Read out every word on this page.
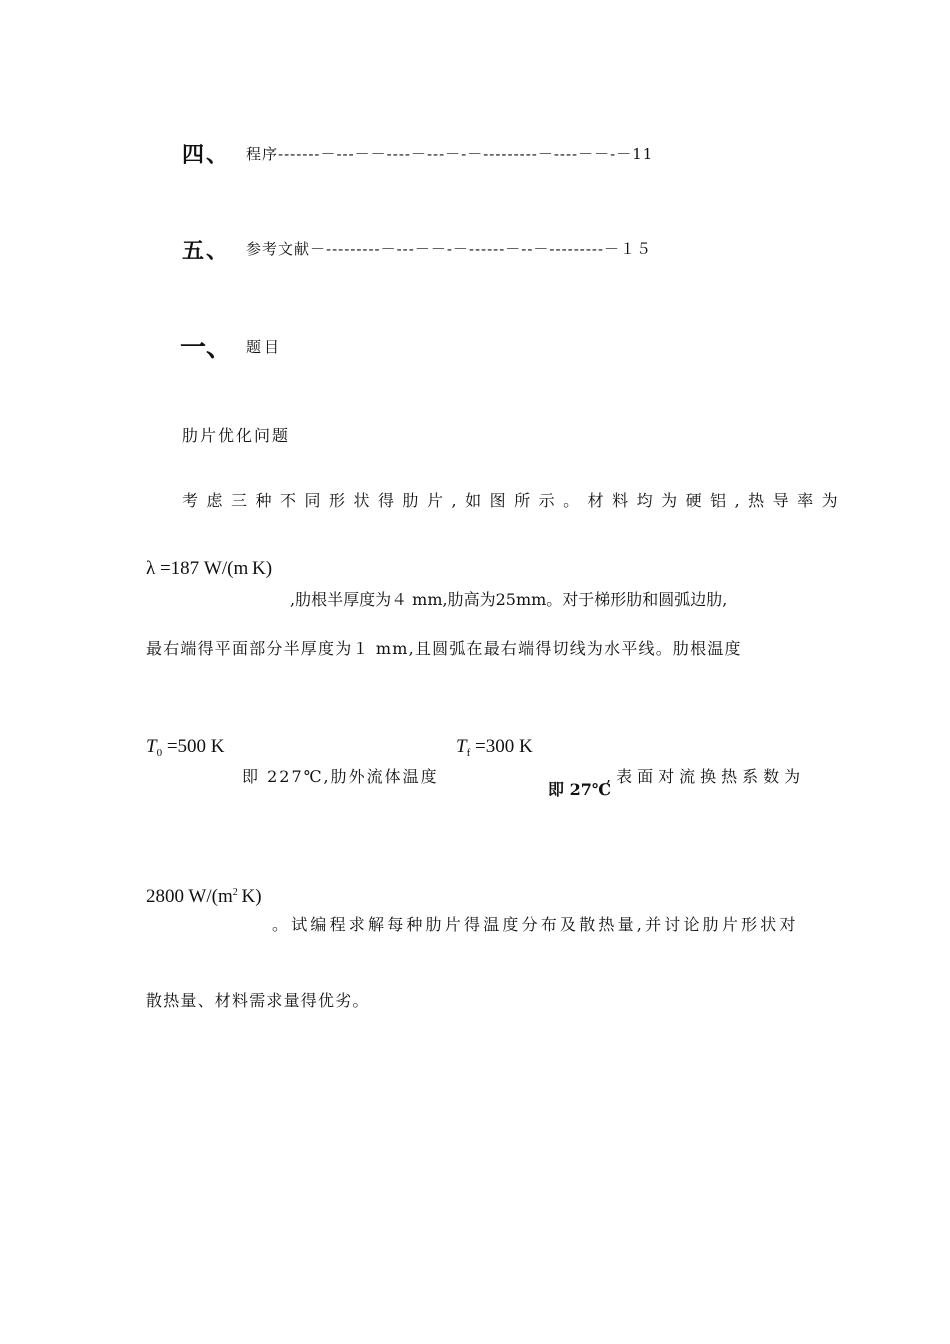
四、 程序-------－---－－----－---－-－---------－----－－-－11
五、 参考文献－---------－---－－-－------－--－---------－１５
一、 题目
肋片优化问题
考虑三种不同形状得肋片,如图所示。材料均为硬铝,热导率为
λ =187 W/(m K)
,肋根半厚度为４ mm,肋高为25mm。对于梯形肋和圆弧边肋,
最右端得平面部分半厚度为１ mm,且圆弧在最右端得切线为水平线。肋根温度
$T_0 =500$ K
即 227℃,肋外流体温度
$T_f =300$ K
即 27℃
,表面对流换热系数为
2800 $W/(m^2$ K)
。试编程求解每种肋片得温度分布及散热量,并讨论肋片形状对
散热量、材料需求量得优劣。
